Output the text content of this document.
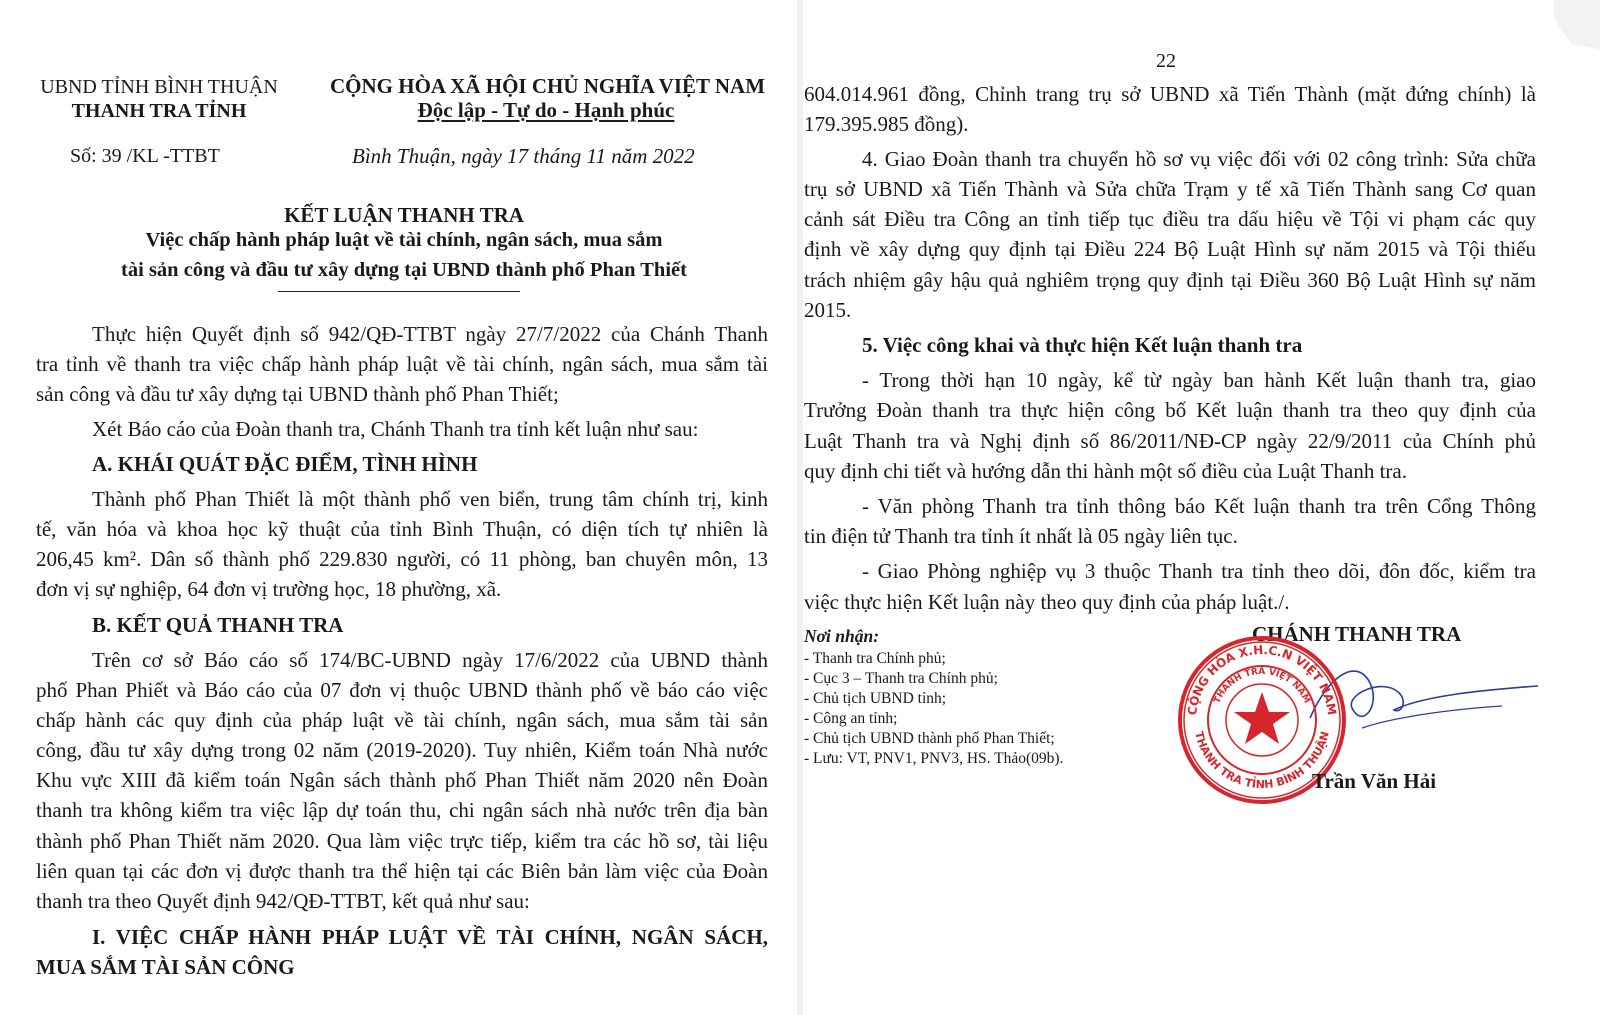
UBND TỈNH BÌNH THUẬN
THANH TRA TỈNH
CỘNG HÒA XÃ HỘI CHỦ NGHĨA VIỆT NAM
Độc lập - Tự do - Hạnh phúc
Số: 39 /KL -TTBT	Bình Thuận, ngày 17 tháng 11 năm 2022
KẾT LUẬN THANH TRA
Việc chấp hành pháp luật về tài chính, ngân sách, mua sắm
tài sản công và đầu tư xây dựng tại UBND thành phố Phan Thiết
Thực hiện Quyết định số 942/QĐ-TTBT ngày 27/7/2022 của Chánh Thanh
tra tỉnh về thanh tra việc chấp hành pháp luật về tài chính, ngân sách, mua sắm tài
sản công và đầu tư xây dựng tại UBND thành phố Phan Thiết;
Xét Báo cáo của Đoàn thanh tra, Chánh Thanh tra tỉnh kết luận như sau:
A. KHÁI QUÁT ĐẶC ĐIỂM, TÌNH HÌNH
Thành phố Phan Thiết là một thành phố ven biển, trung tâm chính trị, kinh
tế, văn hóa và khoa học kỹ thuật của tỉnh Bình Thuận, có diện tích tự nhiên là
206,45 km². Dân số thành phố 229.830 người, có 11 phòng, ban chuyên môn, 13
đơn vị sự nghiệp, 64 đơn vị trường học, 18 phường, xã.
B. KẾT QUẢ THANH TRA
Trên cơ sở Báo cáo số 174/BC-UBND ngày 17/6/2022 của UBND thành
phố Phan Phiết và Báo cáo của 07 đơn vị thuộc UBND thành phố về báo cáo việc
chấp hành các quy định của pháp luật về tài chính, ngân sách, mua sắm tài sản
công, đầu tư xây dựng trong 02 năm (2019-2020). Tuy nhiên, Kiểm toán Nhà nước
Khu vực XIII đã kiểm toán Ngân sách thành phố Phan Thiết năm 2020 nên Đoàn
thanh tra không kiểm tra việc lập dự toán thu, chi ngân sách nhà nước trên địa bàn
thành phố Phan Thiết năm 2020. Qua làm việc trực tiếp, kiểm tra các hồ sơ, tài liệu
liên quan tại các đơn vị được thanh tra thể hiện tại các Biên bản làm việc của Đoàn
thanh tra theo Quyết định 942/QĐ-TTBT, kết quả như sau:
I. VIỆC CHẤP HÀNH PHÁP LUẬT VỀ TÀI CHÍNH, NGÂN SÁCH,
MUA SẮM TÀI SẢN CÔNG
22
604.014.961 đồng, Chỉnh trang trụ sở UBND xã Tiến Thành (mặt đứng chính) là
179.395.985 đồng).
4. Giao Đoàn thanh tra chuyển hồ sơ vụ việc đối với 02 công trình: Sửa chữa
trụ sở UBND xã Tiến Thành và Sửa chữa Trạm y tế xã Tiến Thành sang Cơ quan
cảnh sát Điều tra Công an tỉnh tiếp tục điều tra dấu hiệu về Tội vi phạm các quy
định về xây dựng quy định tại Điều 224 Bộ Luật Hình sự năm 2015 và Tội thiếu
trách nhiệm gây hậu quả nghiêm trọng quy định tại Điều 360 Bộ Luật Hình sự năm
2015.
5. Việc công khai và thực hiện Kết luận thanh tra
- Trong thời hạn 10 ngày, kể từ ngày ban hành Kết luận thanh tra, giao
Trưởng Đoàn thanh tra thực hiện công bố Kết luận thanh tra theo quy định của
Luật Thanh tra và Nghị định số 86/2011/NĐ-CP ngày 22/9/2011 của Chính phủ
quy định chi tiết và hướng dẫn thi hành một số điều của Luật Thanh tra.
- Văn phòng Thanh tra tỉnh thông báo Kết luận thanh tra trên Cổng Thông
tin điện tử Thanh tra tỉnh ít nhất là 05 ngày liên tục.
- Giao Phòng nghiệp vụ 3 thuộc Thanh tra tỉnh theo dõi, đôn đốc, kiểm tra
việc thực hiện Kết luận này theo quy định của pháp luật./.
Nơi nhận:
- Thanh tra Chính phủ;
- Cục 3 – Thanh tra Chính phủ;
- Chủ tịch UBND tỉnh;
- Công an tỉnh;
- Chủ tịch UBND thành phố Phan Thiết;
- Lưu: VT, PNV1, PNV3, HS. Thảo(09b).
CHÁNH THANH TRA
CỘNG HÒA X.H.C.N VIỆT NAM
THANH TRA VIỆT NAM
THANH TRA TỈNH BÌNH THUẬN
Trần Văn Hải
